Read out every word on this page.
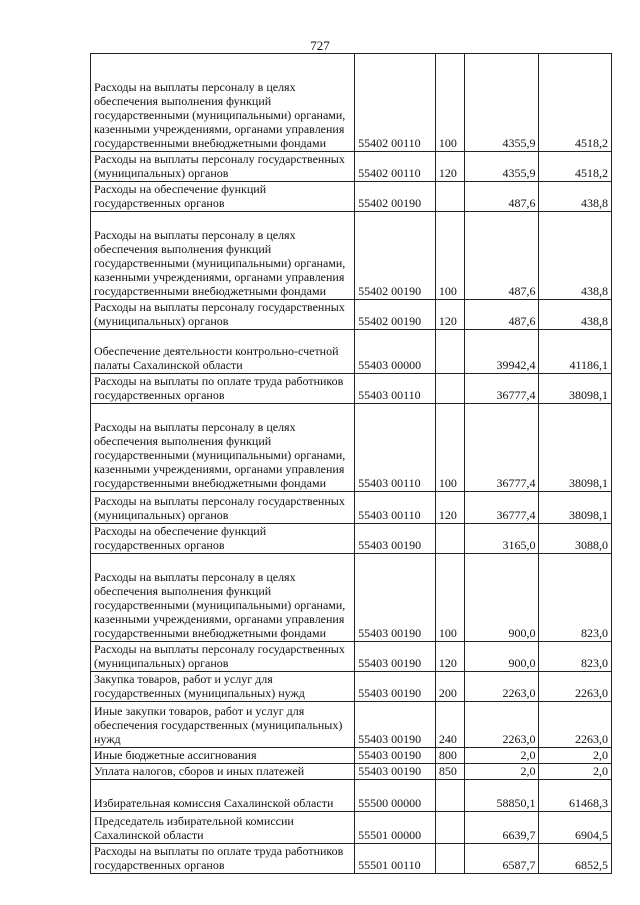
727
Расходы на выплаты персоналу в целях обеспечения выполнения функций государственными (муниципальными) органами, казенными учреждениями, органами управления государственными внебюджетными фондами	55402 00110	100	4355,9	4518,2
Расходы на выплаты персоналу государственных (муниципальных) органов	55402 00110	120	4355,9	4518,2
Расходы на обеспечение функций государственных органов	55402 00190		487,6	438,8
Расходы на выплаты персоналу в целях обеспечения выполнения функций государственными (муниципальными) органами, казенными учреждениями, органами управления государственными внебюджетными фондами	55402 00190	100	487,6	438,8
Расходы на выплаты персоналу государственных (муниципальных) органов	55402 00190	120	487,6	438,8
Обеспечение деятельности контрольно-счетной палаты Сахалинской области	55403 00000		39942,4	41186,1
Расходы на выплаты по оплате труда работников государственных органов	55403 00110		36777,4	38098,1
Расходы на выплаты персоналу в целях обеспечения выполнения функций государственными (муниципальными) органами, казенными учреждениями, органами управления государственными внебюджетными фондами	55403 00110	100	36777,4	38098,1
Расходы на выплаты персоналу государственных (муниципальных) органов	55403 00110	120	36777,4	38098,1
Расходы на обеспечение функций государственных органов	55403 00190		3165,0	3088,0
Расходы на выплаты персоналу в целях обеспечения выполнения функций государственными (муниципальными) органами, казенными учреждениями, органами управления государственными внебюджетными фондами	55403 00190	100	900,0	823,0
Расходы на выплаты персоналу государственных (муниципальных) органов	55403 00190	120	900,0	823,0
Закупка товаров, работ и услуг для государственных (муниципальных) нужд	55403 00190	200	2263,0	2263,0
Иные закупки товаров, работ и услуг для обеспечения государственных (муниципальных) нужд	55403 00190	240	2263,0	2263,0
Иные бюджетные ассигнования	55403 00190	800	2,0	2,0
Уплата налогов, сборов и иных платежей	55403 00190	850	2,0	2,0
Избирательная комиссия Сахалинской области	55500 00000		58850,1	61468,3
Председатель избирательной комиссии Сахалинской области	55501 00000		6639,7	6904,5
Расходы на выплаты по оплате труда работников государственных органов	55501 00110		6587,7	6852,5
